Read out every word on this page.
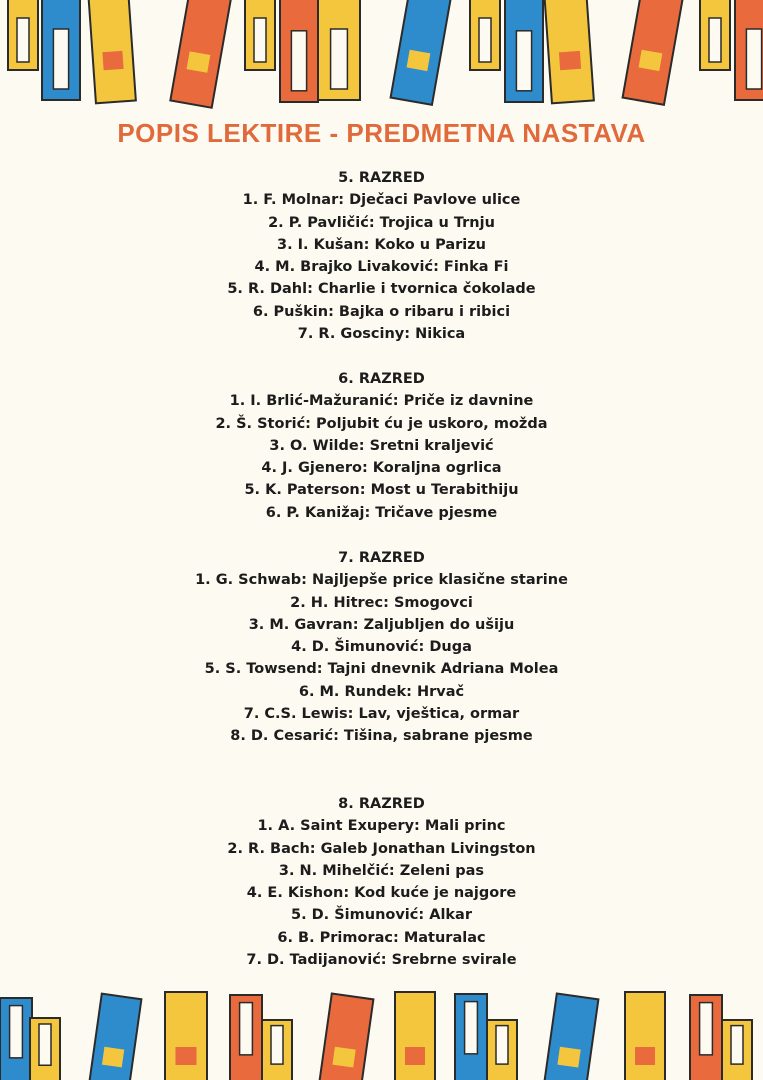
POPIS LEKTIRE - PREDMETNA NASTAVA
5. RAZRED
1. F. Molnar: Dječaci Pavlove ulice
2. P. Pavličić: Trojica u Trnju
3. I. Kušan: Koko u Parizu
4. M. Brajko Livaković: Finka Fi
5. R. Dahl: Charlie i tvornica čokolade
6. Puškin: Bajka o ribaru i ribici
7. R. Gosciny: Nikica
6. RAZRED
1. I. Brlić-Mažuranić: Priče iz davnine
2. Š. Storić: Poljubit ću je uskoro, možda
3. O. Wilde: Sretni kraljević
4. J. Gjenero: Koraljna ogrlica
5. K. Paterson: Most u Terabithiju
6. P. Kanižaj: Tričave pjesme
7. RAZRED
1. G. Schwab: Najljepše price klasične starine
2. H. Hitrec: Smogovci
3. M. Gavran: Zaljubljen do ušiju
4. D. Šimunović: Duga
5. S. Towsend: Tajni dnevnik Adriana Molea
6. M. Rundek: Hrvač
7. C.S. Lewis: Lav, vještica, ormar
8. D. Cesarić: Tišina, sabrane pjesme
8. RAZRED
1. A. Saint Exupery: Mali princ
2. R. Bach: Galeb Jonathan Livingston
3. N. Mihelčić: Zeleni pas
4. E. Kishon: Kod kuće je najgore
5. D. Šimunović: Alkar
6. B. Primorac: Maturalac
7. D. Tadijanović: Srebrne svirale
